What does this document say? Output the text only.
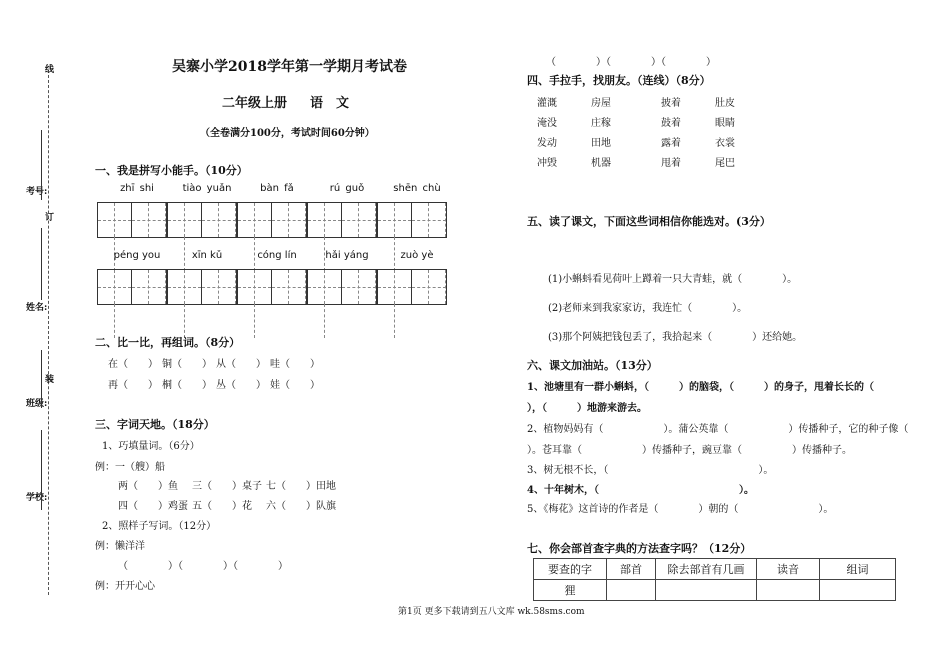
线
订
装
考号:
姓名:
班级:
学校:
吴寨小学2018学年第一学期月考试卷
二年级上册 语　文
（全卷满分100分，考试时间60分钟）
一、我是拼写小能手。（10分）
zhī shi	tiào yuǎn	bàn fǎ	rú guǒ	shēn chù
péng you	xīn kǔ	cóng lín	hǎi yáng	zuò yè
二、比一比，再组词。（8分）
在（　　） 铜（　　） 从（　　） 哇（　　）
再（　　） 桐（　　） 丛（　　） 娃（　　）
三、字词天地。（18分）
1、巧填量词。（6分）
例：一（艘）船
两（　　）鱼 三（　　）桌子 七（　　）田地
四（　　）鸡蛋 五（　　）花 六（　　）队旗
2、照样子写词。（12分）
例：懒洋洋
（　　　　）（　　　　）（　　　　）
例：开开心心
（　　　　）（　　　　）（　　　　）
四、手拉手，找朋友。（连线）（8分）
灌溉	房屋	披着	肚皮
淹没	庄稼	鼓着	眼睛
发动	田地	露着	衣裳
冲毁	机器	甩着	尾巴
五、读了课文，下面这些词相信你能选对。(3分）
(1)小蝌蚪看见荷叶上蹲着一只大青蛙，就（　　　　）。
(2)老师来到我家家访，我连忙（　　　　）。
(3)那个阿姨把钱包丢了，我拾起来（　　　　）还给她。
六、课文加油站。（13分）
1、池塘里有一群小蝌蚪，（　　　）的脑袋，（　　　）的身子，甩着长长的（
），（　　　）地游来游去。
2、植物妈妈有（　　　　　　）。蒲公英靠（　　　　　　）传播种子，它的种子像（
）。苍耳靠（　　　　　　）传播种子，豌豆靠（　　　　　）传播种子。
3、树无根不长，（　　　　　　　　　　　　　　　）。
4、十年树木，（　　　　　　　　　　　　　　）。
5、《梅花》这首诗的作者是（　　　　）朝的（　　　　　　　　）。
七、你会部首查字典的方法查字吗？（12分）
要查的字	部首	除去部首有几画	读音	组词
狸				
第1页 更多下载请到五八文库 wk.58sms.com
